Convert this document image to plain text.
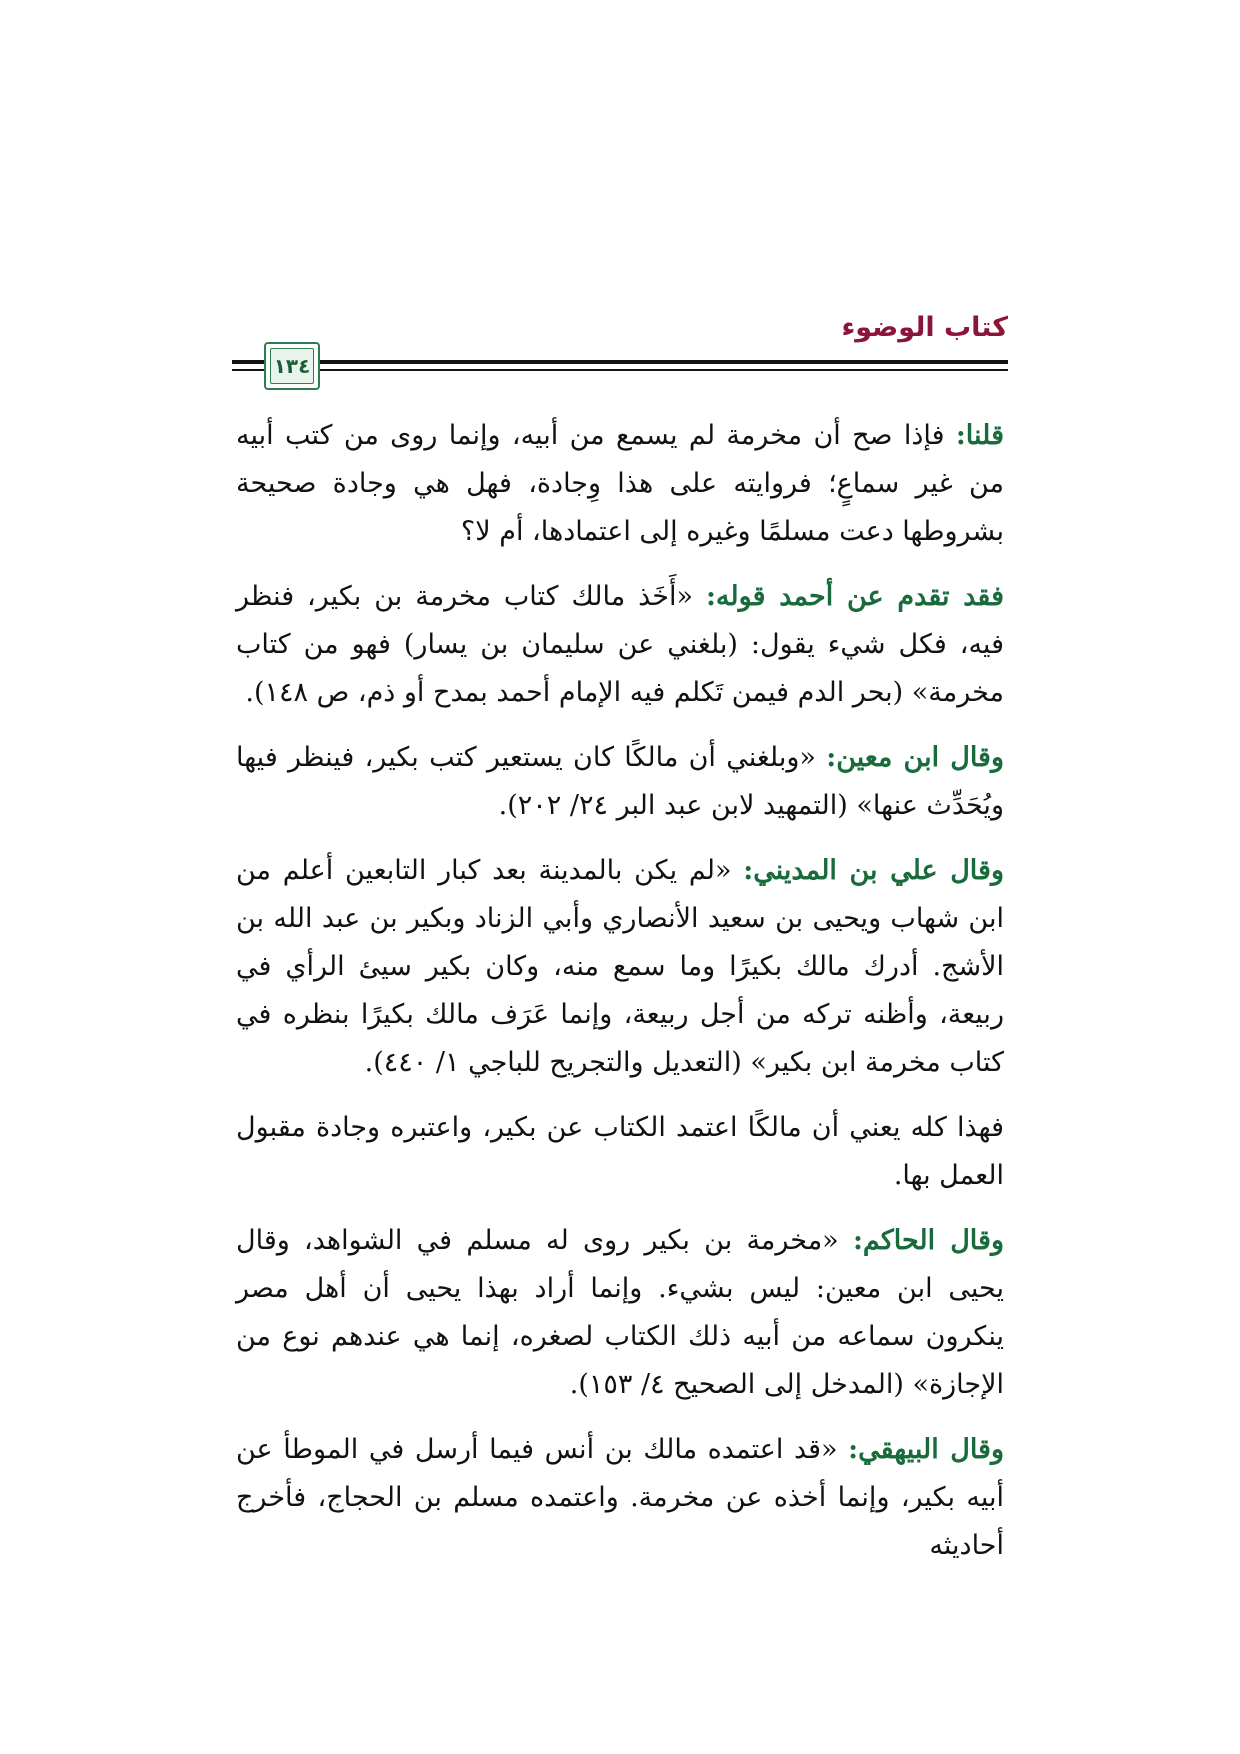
كتاب الوضوء
١٣٤

قلنا: فإذا صح أن مخرمة لم يسمع من أبيه، وإنما روى من كتب أبيه من غير سماعٍ؛ فروايته على هذا وِجادة، فهل هي وجادة صحيحة بشروطها دعت مسلمًا وغيره إلى اعتمادها، أم لا؟

فقد تقدم عن أحمد قوله: «أَخَذ مالك كتاب مخرمة بن بكير، فنظر فيه، فكل شيء يقول: (بلغني عن سليمان بن يسار) فهو من كتاب مخرمة» (بحر الدم فيمن تَكلم فيه الإمام أحمد بمدح أو ذم، ص ١٤٨).

وقال ابن معين: «وبلغني أن مالكًا كان يستعير كتب بكير، فينظر فيها ويُحَدِّث عنها» (التمهيد لابن عبد البر ٢٤/ ٢٠٢).

وقال علي بن المديني: «لم يكن بالمدينة بعد كبار التابعين أعلم من ابن شهاب ويحيى بن سعيد الأنصاري وأبي الزناد وبكير بن عبد الله بن الأشج. أدرك مالك بكيرًا وما سمع منه، وكان بكير سيئ الرأي في ربيعة، وأظنه تركه من أجل ربيعة، وإنما عَرَف مالك بكيرًا بنظره في كتاب مخرمة ابن بكير» (التعديل والتجريح للباجي ١/ ٤٤٠).

فهذا كله يعني أن مالكًا اعتمد الكتاب عن بكير، واعتبره وجادة مقبول العمل بها.

وقال الحاكم: «مخرمة بن بكير روى له مسلم في الشواهد، وقال يحيى ابن معين: ليس بشيء. وإنما أراد بهذا يحيى أن أهل مصر ينكرون سماعه من أبيه ذلك الكتاب لصغره، إنما هي عندهم نوع من الإجازة» (المدخل إلى الصحيح ٤/ ١٥٣).

وقال البيهقي: «قد اعتمده مالك بن أنس فيما أرسل في الموطأ عن أبيه بكير، وإنما أخذه عن مخرمة. واعتمده مسلم بن الحجاج، فأخرج أحاديثه
